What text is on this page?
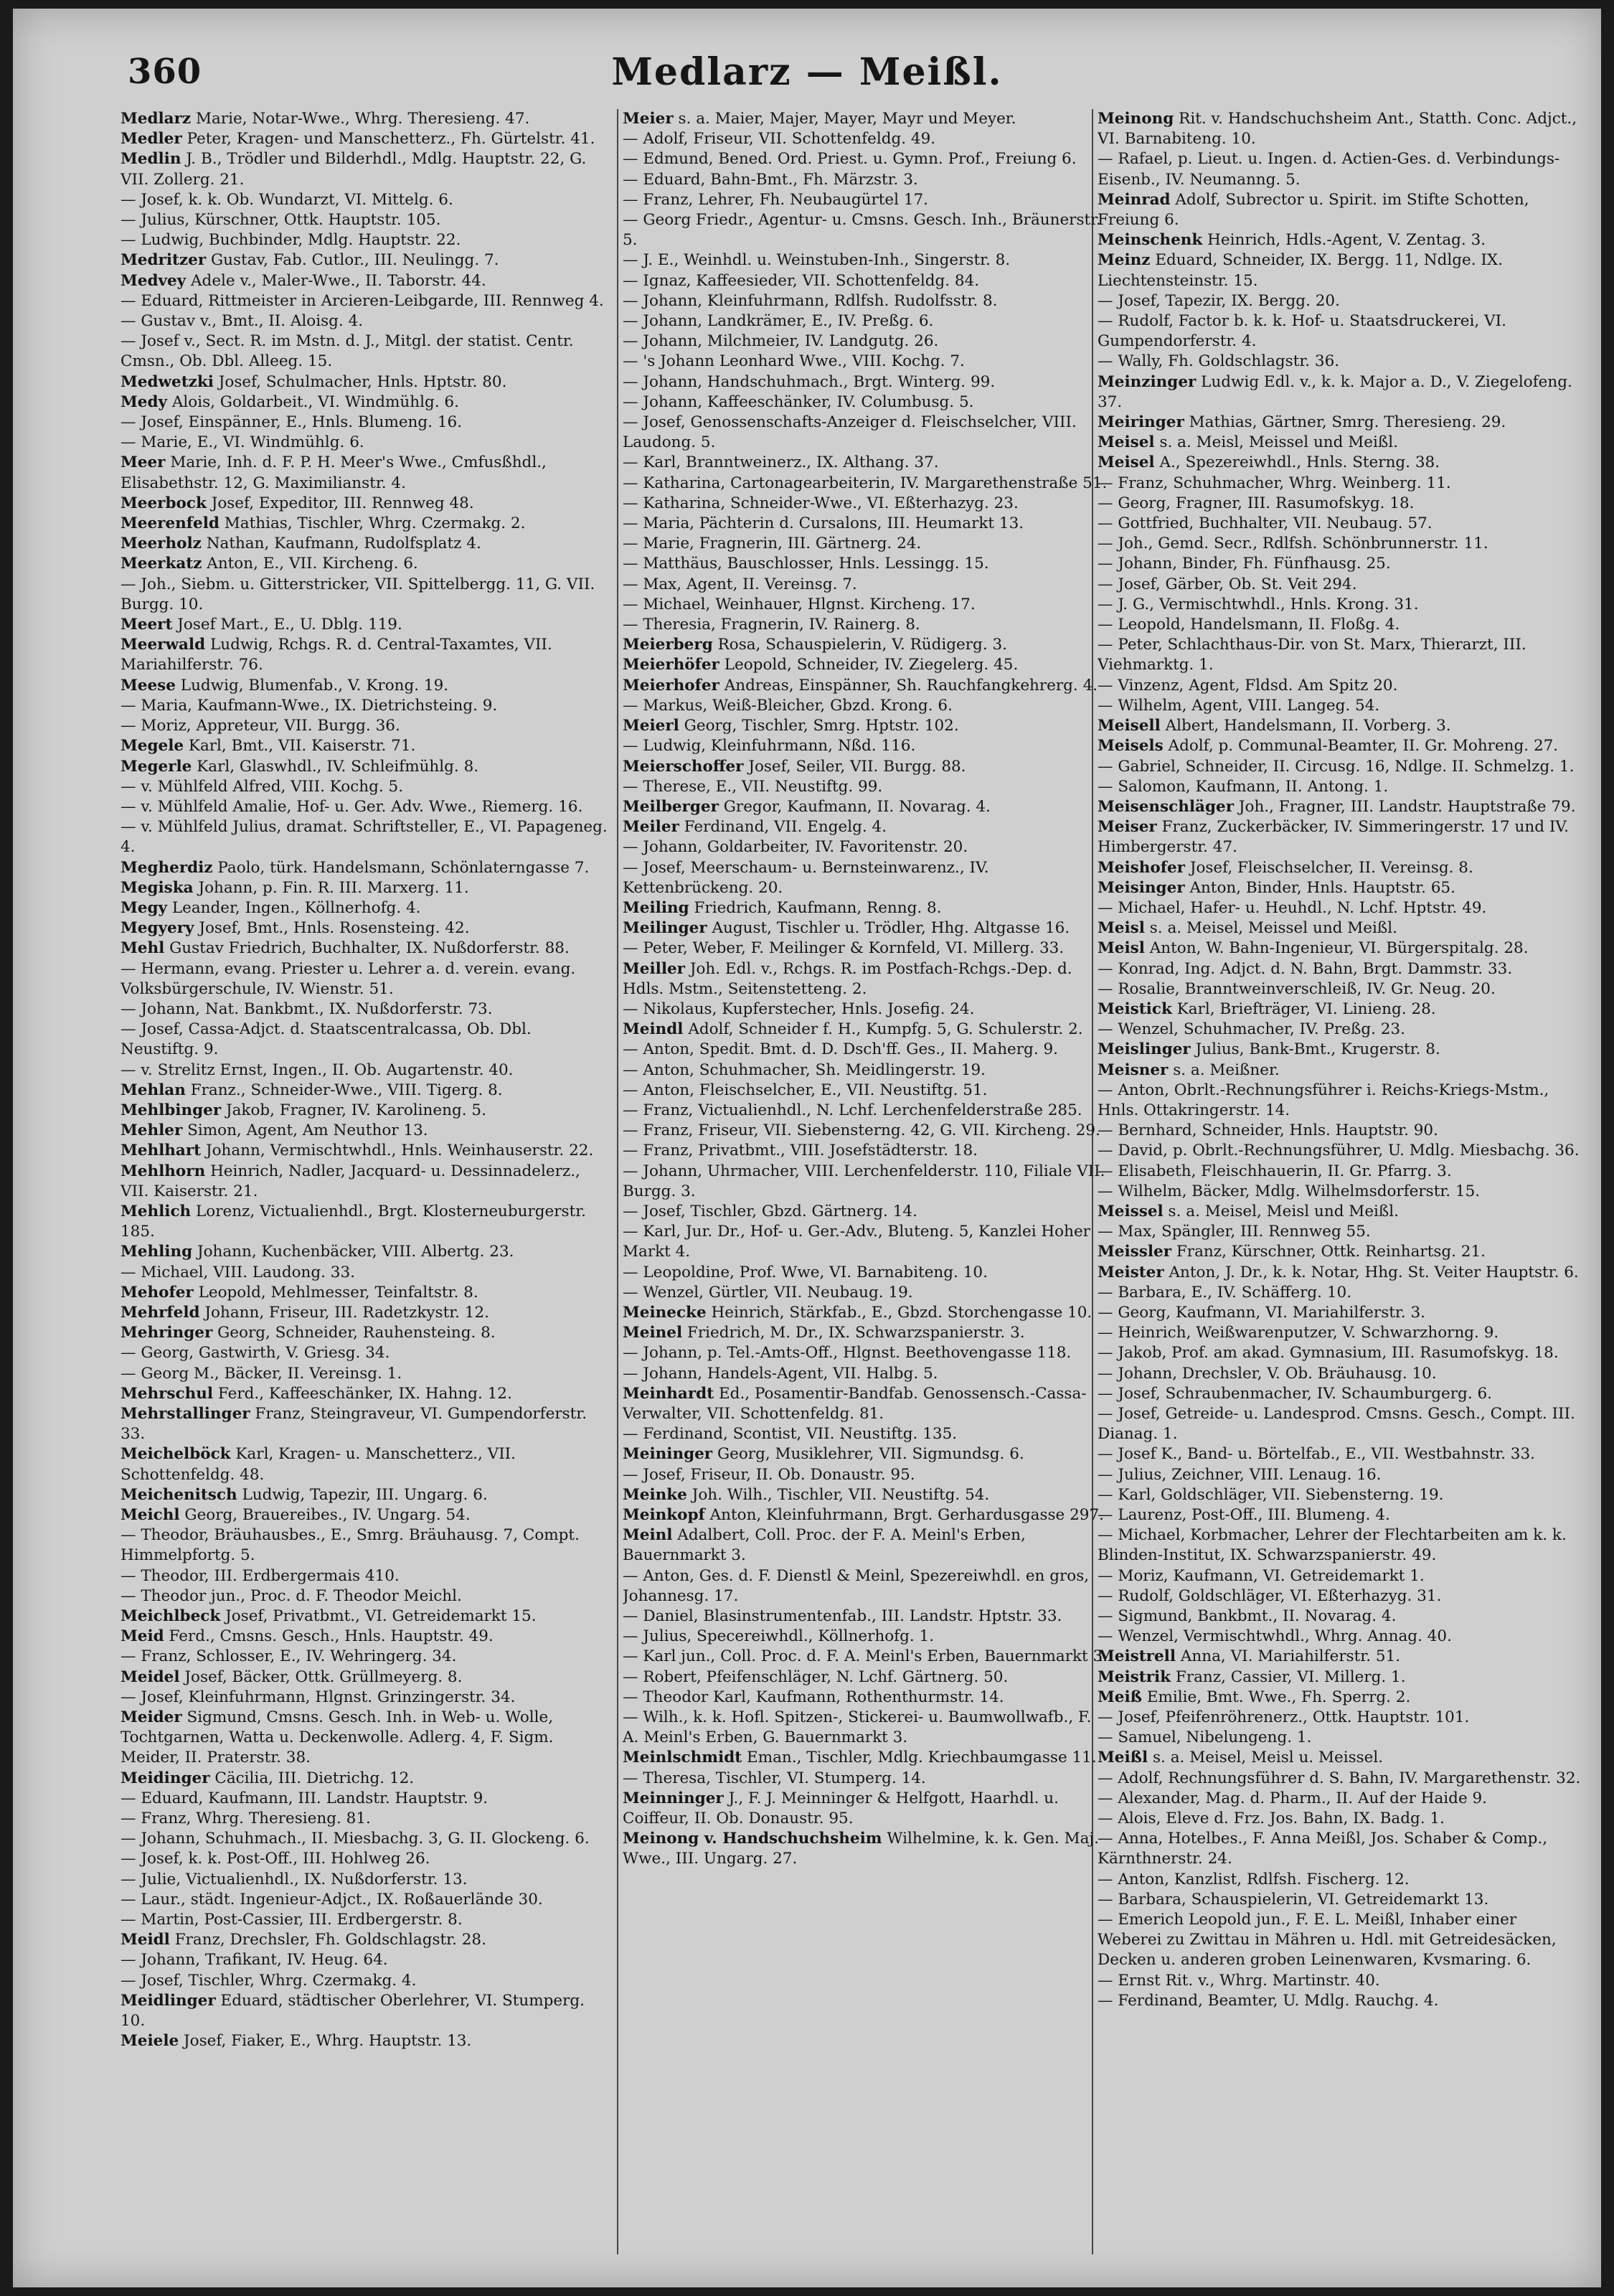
360	Medlarz — Meißl.
Medlarz Marie, Notar-Wwe., Whrg. Theresieng. 47.
Medler Peter, Kragen- und Manschetterz., Fh. Gürtelstr. 41.
Medlin J. B., Trödler und Bilderhdl., Mdlg. Hauptstr. 22, G. VII. Zollerg. 21.
— Josef, k. k. Ob. Wundarzt, VI. Mittelg. 6.
— Julius, Kürschner, Ottk. Hauptstr. 105.
— Ludwig, Buchbinder, Mdlg. Hauptstr. 22.
Medritzer Gustav, Fab. Cutlor., III. Neulingg. 7.
Medvey Adele v., Maler-Wwe., II. Taborstr. 44.
— Eduard, Rittmeister in Arcieren-Leibgarde, III. Rennweg 4.
— Gustav v., Bmt., II. Aloisg. 4.
— Josef v., Sect. R. im Mstn. d. J., Mitgl. der statist. Centr. Cmsn., Ob. Dbl. Alleeg. 15.
Medwetzki Josef, Schulmacher, Hnls. Hptstr. 80.
Medy Alois, Goldarbeit., VI. Windmühlg. 6.
— Josef, Einspänner, E., Hnls. Blumeng. 16.
— Marie, E., VI. Windmühlg. 6.
Meer Marie, Inh. d. F. P. H. Meer's Wwe., Cmfusßhdl., Elisabethstr. 12, G. Maximilianstr. 4.
Meerbock Josef, Expeditor, III. Rennweg 48.
Meerenfeld Mathias, Tischler, Whrg. Czermakg. 2.
Meerholz Nathan, Kaufmann, Rudolfsplatz 4.
Meerkatz Anton, E., VII. Kircheng. 6.
— Joh., Siebm. u. Gitterstricker, VII. Spittelbergg. 11, G. VII. Burgg. 10.
Meert Josef Mart., E., U. Dblg. 119.
Meerwald Ludwig, Rchgs. R. d. Central-Taxamtes, VII. Mariahilferstr. 76.
Meese Ludwig, Blumenfab., V. Krong. 19.
— Maria, Kaufmann-Wwe., IX. Dietrichsteing. 9.
— Moriz, Appreteur, VII. Burgg. 36.
Megele Karl, Bmt., VII. Kaiserstr. 71.
Megerle Karl, Glaswhdl., IV. Schleifmühlg. 8.
— v. Mühlfeld Alfred, VIII. Kochg. 5.
— v. Mühlfeld Amalie, Hof- u. Ger. Adv. Wwe., Riemerg. 16.
— v. Mühlfeld Julius, dramat. Schriftsteller, E., VI. Papageneg. 4.
Megherdiz Paolo, türk. Handelsmann, Schönlaterngasse 7.
Megiska Johann, p. Fin. R. III. Marxerg. 11.
Megy Leander, Ingen., Köllnerhofg. 4.
Megyery Josef, Bmt., Hnls. Rosensteing. 42.
Mehl Gustav Friedrich, Buchhalter, IX. Nußdorferstr. 88.
— Hermann, evang. Priester u. Lehrer a. d. verein. evang. Volksbürgerschule, IV. Wienstr. 51.
— Johann, Nat. Bankbmt., IX. Nußdorferstr. 73.
— Josef, Cassa-Adjct. d. Staatscentralcassa, Ob. Dbl. Neustiftg. 9.
— v. Strelitz Ernst, Ingen., II. Ob. Augartenstr. 40.
Mehlan Franz., Schneider-Wwe., VIII. Tigerg. 8.
Mehlbinger Jakob, Fragner, IV. Karolineng. 5.
Mehler Simon, Agent, Am Neuthor 13.
Mehlhart Johann, Vermischtwhdl., Hnls. Weinhauserstr. 22.
Mehlhorn Heinrich, Nadler, Jacquard- u. Dessinnadelerz., VII. Kaiserstr. 21.
Mehlich Lorenz, Victualienhdl., Brgt. Klosterneuburgerstr. 185.
Mehling Johann, Kuchenbäcker, VIII. Albertg. 23.
— Michael, VIII. Laudong. 33.
Mehofer Leopold, Mehlmesser, Teinfaltstr. 8.
Mehrfeld Johann, Friseur, III. Radetzkystr. 12.
Mehringer Georg, Schneider, Rauhensteing. 8.
— Georg, Gastwirth, V. Griesg. 34.
— Georg M., Bäcker, II. Vereinsg. 1.
Mehrschul Ferd., Kaffeeschänker, IX. Hahng. 12.
Mehrstallinger Franz, Steingraveur, VI. Gumpendorferstr. 33.
Meichelböck Karl, Kragen- u. Manschetterz., VII. Schottenfeldg. 48.
Meichenitsch Ludwig, Tapezir, III. Ungarg. 6.
Meichl Georg, Brauereibes., IV. Ungarg. 54.
— Theodor, Bräuhausbes., E., Smrg. Bräuhausg. 7, Compt. Himmelpfortg. 5.
— Theodor, III. Erdbergermais 410.
— Theodor jun., Proc. d. F. Theodor Meichl.
Meichlbeck Josef, Privatbmt., VI. Getreidemarkt 15.
Meid Ferd., Cmsns. Gesch., Hnls. Hauptstr. 49.
— Franz, Schlosser, E., IV. Wehringerg. 34.
Meidel Josef, Bäcker, Ottk. Grüllmeyerg. 8.
— Josef, Kleinfuhrmann, Hlgnst. Grinzingerstr. 34.
Meider Sigmund, Cmsns. Gesch. Inh. in Web- u. Wolle, Tochtgarnen, Watta u. Deckenwolle. Adlerg. 4, F. Sigm. Meider, II. Praterstr. 38.
Meidinger Cäcilia, III. Dietrichg. 12.
— Eduard, Kaufmann, III. Landstr. Hauptstr. 9.
— Franz, Whrg. Theresieng. 81.
— Johann, Schuhmach., II. Miesbachg. 3, G. II. Glockeng. 6.
— Josef, k. k. Post-Off., III. Hohlweg 26.
— Julie, Victualienhdl., IX. Nußdorferstr. 13.
— Laur., städt. Ingenieur-Adjct., IX. Roßauerlände 30.
— Martin, Post-Cassier, III. Erdbergerstr. 8.
Meidl Franz, Drechsler, Fh. Goldschlagstr. 28.
— Johann, Trafikant, IV. Heug. 64.
— Josef, Tischler, Whrg. Czermakg. 4.
Meidlinger Eduard, städtischer Oberlehrer, VI. Stumperg. 10.
Meiele Josef, Fiaker, E., Whrg. Hauptstr. 13.
Meier s. a. Maier, Majer, Mayer, Mayr und Meyer.
— Adolf, Friseur, VII. Schottenfeldg. 49.
— Edmund, Bened. Ord. Priest. u. Gymn. Prof., Freiung 6.
— Eduard, Bahn-Bmt., Fh. Märzstr. 3.
— Franz, Lehrer, Fh. Neubaugürtel 17.
— Georg Friedr., Agentur- u. Cmsns. Gesch. Inh., Bräunerstr. 5.
— J. E., Weinhdl. u. Weinstuben-Inh., Singerstr. 8.
— Ignaz, Kaffeesieder, VII. Schottenfeldg. 84.
— Johann, Kleinfuhrmann, Rdlfsh. Rudolfsstr. 8.
— Johann, Landkrämer, E., IV. Preßg. 6.
— Johann, Milchmeier, IV. Landgutg. 26.
— 's Johann Leonhard Wwe., VIII. Kochg. 7.
— Johann, Handschuhmach., Brgt. Winterg. 99.
— Johann, Kaffeeschänker, IV. Columbusg. 5.
— Josef, Genossenschafts-Anzeiger d. Fleischselcher, VIII. Laudong. 5.
— Karl, Branntweinerz., IX. Althang. 37.
— Katharina, Cartonagearbeiterin, IV. Margarethenstraße 51.
— Katharina, Schneider-Wwe., VI. Eßterhazyg. 23.
— Maria, Pächterin d. Cursalons, III. Heumarkt 13.
— Marie, Fragnerin, III. Gärtnerg. 24.
— Matthäus, Bauschlosser, Hnls. Lessingg. 15.
— Max, Agent, II. Vereinsg. 7.
— Michael, Weinhauer, Hlgnst. Kircheng. 17.
— Theresia, Fragnerin, IV. Rainerg. 8.
Meierberg Rosa, Schauspielerin, V. Rüdigerg. 3.
Meierhöfer Leopold, Schneider, IV. Ziegelerg. 45.
Meierhofer Andreas, Einspänner, Sh. Rauchfangkehrerg. 4.
— Markus, Weiß-Bleicher, Gbzd. Krong. 6.
Meierl Georg, Tischler, Smrg. Hptstr. 102.
— Ludwig, Kleinfuhrmann, Nßd. 116.
Meierschoffer Josef, Seiler, VII. Burgg. 88.
— Therese, E., VII. Neustiftg. 99.
Meilberger Gregor, Kaufmann, II. Novarag. 4.
Meiler Ferdinand, VII. Engelg. 4.
— Johann, Goldarbeiter, IV. Favoritenstr. 20.
— Josef, Meerschaum- u. Bernsteinwarenz., IV. Kettenbrückeng. 20.
Meiling Friedrich, Kaufmann, Renng. 8.
Meilinger August, Tischler u. Trödler, Hhg. Altgasse 16.
— Peter, Weber, F. Meilinger & Kornfeld, VI. Millerg. 33.
Meiller Joh. Edl. v., Rchgs. R. im Postfach-Rchgs.-Dep. d. Hdls. Mstm., Seitenstetteng. 2.
— Nikolaus, Kupferstecher, Hnls. Josefig. 24.
Meindl Adolf, Schneider f. H., Kumpfg. 5, G. Schulerstr. 2.
— Anton, Spedit. Bmt. d. D. Dsch'ff. Ges., II. Maherg. 9.
— Anton, Schuhmacher, Sh. Meidlingerstr. 19.
— Anton, Fleischselcher, E., VII. Neustiftg. 51.
— Franz, Victualienhdl., N. Lchf. Lerchenfelderstraße 285.
— Franz, Friseur, VII. Siebensterng. 42, G. VII. Kircheng. 29.
— Franz, Privatbmt., VIII. Josefstädterstr. 18.
— Johann, Uhrmacher, VIII. Lerchenfelderstr. 110, Filiale VII. Burgg. 3.
— Josef, Tischler, Gbzd. Gärtnerg. 14.
— Karl, Jur. Dr., Hof- u. Ger.-Adv., Bluteng. 5, Kanzlei Hoher Markt 4.
— Leopoldine, Prof. Wwe, VI. Barnabiteng. 10.
— Wenzel, Gürtler, VII. Neubaug. 19.
Meinecke Heinrich, Stärkfab., E., Gbzd. Storchengasse 10.
Meinel Friedrich, M. Dr., IX. Schwarzspanierstr. 3.
— Johann, p. Tel.-Amts-Off., Hlgnst. Beethovengasse 118.
— Johann, Handels-Agent, VII. Halbg. 5.
Meinhardt Ed., Posamentir-Bandfab. Genossensch.-Cassa-Verwalter, VII. Schottenfeldg. 81.
— Ferdinand, Scontist, VII. Neustiftg. 135.
Meininger Georg, Musiklehrer, VII. Sigmundsg. 6.
— Josef, Friseur, II. Ob. Donaustr. 95.
Meinke Joh. Wilh., Tischler, VII. Neustiftg. 54.
Meinkopf Anton, Kleinfuhrmann, Brgt. Gerhardusgasse 297.
Meinl Adalbert, Coll. Proc. der F. A. Meinl's Erben, Bauernmarkt 3.
— Anton, Ges. d. F. Dienstl & Meinl, Spezereiwhdl. en gros, Johannesg. 17.
— Daniel, Blasinstrumentenfab., III. Landstr. Hptstr. 33.
— Julius, Specereiwhdl., Köllnerhofg. 1.
— Karl jun., Coll. Proc. d. F. A. Meinl's Erben, Bauernmarkt 3.
— Robert, Pfeifenschläger, N. Lchf. Gärtnerg. 50.
— Theodor Karl, Kaufmann, Rothenthurmstr. 14.
— Wilh., k. k. Hofl. Spitzen-, Stickerei- u. Baumwollwafb., F. A. Meinl's Erben, G. Bauernmarkt 3.
Meinlschmidt Eman., Tischler, Mdlg. Kriechbaumgasse 11.
— Theresa, Tischler, VI. Stumperg. 14.
Meinninger J., F. J. Meinninger & Helfgott, Haarhdl. u. Coiffeur, II. Ob. Donaustr. 95.
Meinong v. Handschuchsheim Wilhelmine, k. k. Gen. Maj. Wwe., III. Ungarg. 27.
Meinong Rit. v. Handschuchsheim Ant., Statth. Conc. Adjct., VI. Barnabiteng. 10.
— Rafael, p. Lieut. u. Ingen. d. Actien-Ges. d. Verbindungs-Eisenb., IV. Neumanng. 5.
Meinrad Adolf, Subrector u. Spirit. im Stifte Schotten, Freiung 6.
Meinschenk Heinrich, Hdls.-Agent, V. Zentag. 3.
Meinz Eduard, Schneider, IX. Bergg. 11, Ndlge. IX. Liechtensteinstr. 15.
— Josef, Tapezir, IX. Bergg. 20.
— Rudolf, Factor b. k. k. Hof- u. Staatsdruckerei, VI. Gumpendorferstr. 4.
— Wally, Fh. Goldschlagstr. 36.
Meinzinger Ludwig Edl. v., k. k. Major a. D., V. Ziegelofeng. 37.
Meiringer Mathias, Gärtner, Smrg. Theresieng. 29.
Meisel s. a. Meisl, Meissel und Meißl.
Meisel A., Spezereiwhdl., Hnls. Sterng. 38.
— Franz, Schuhmacher, Whrg. Weinberg. 11.
— Georg, Fragner, III. Rasumofskyg. 18.
— Gottfried, Buchhalter, VII. Neubaug. 57.
— Joh., Gemd. Secr., Rdlfsh. Schönbrunnerstr. 11.
— Johann, Binder, Fh. Fünfhausg. 25.
— Josef, Gärber, Ob. St. Veit 294.
— J. G., Vermischtwhdl., Hnls. Krong. 31.
— Leopold, Handelsmann, II. Floßg. 4.
— Peter, Schlachthaus-Dir. von St. Marx, Thierarzt, III. Viehmarktg. 1.
— Vinzenz, Agent, Fldsd. Am Spitz 20.
— Wilhelm, Agent, VIII. Langeg. 54.
Meisell Albert, Handelsmann, II. Vorberg. 3.
Meisels Adolf, p. Communal-Beamter, II. Gr. Mohreng. 27.
— Gabriel, Schneider, II. Circusg. 16, Ndlge. II. Schmelzg. 1.
— Salomon, Kaufmann, II. Antong. 1.
Meisenschläger Joh., Fragner, III. Landstr. Hauptstraße 79.
Meiser Franz, Zuckerbäcker, IV. Simmeringerstr. 17 und IV. Himbergerstr. 47.
Meishofer Josef, Fleischselcher, II. Vereinsg. 8.
Meisinger Anton, Binder, Hnls. Hauptstr. 65.
— Michael, Hafer- u. Heuhdl., N. Lchf. Hptstr. 49.
Meisl s. a. Meisel, Meissel und Meißl.
Meisl Anton, W. Bahn-Ingenieur, VI. Bürgerspitalg. 28.
— Konrad, Ing. Adjct. d. N. Bahn, Brgt. Dammstr. 33.
— Rosalie, Branntweinverschleiß, IV. Gr. Neug. 20.
Meistick Karl, Briefträger, VI. Linieng. 28.
— Wenzel, Schuhmacher, IV. Preßg. 23.
Meislinger Julius, Bank-Bmt., Krugerstr. 8.
Meisner s. a. Meißner.
— Anton, Obrlt.-Rechnungsführer i. Reichs-Kriegs-Mstm., Hnls. Ottakringerstr. 14.
— Bernhard, Schneider, Hnls. Hauptstr. 90.
— David, p. Obrlt.-Rechnungsführer, U. Mdlg. Miesbachg. 36.
— Elisabeth, Fleischhauerin, II. Gr. Pfarrg. 3.
— Wilhelm, Bäcker, Mdlg. Wilhelmsdorferstr. 15.
Meissel s. a. Meisel, Meisl und Meißl.
— Max, Spängler, III. Rennweg 55.
Meissler Franz, Kürschner, Ottk. Reinhartsg. 21.
Meister Anton, J. Dr., k. k. Notar, Hhg. St. Veiter Hauptstr. 6.
— Barbara, E., IV. Schäfferg. 10.
— Georg, Kaufmann, VI. Mariahilferstr. 3.
— Heinrich, Weißwarenputzer, V. Schwarzhorng. 9.
— Jakob, Prof. am akad. Gymnasium, III. Rasumofskyg. 18.
— Johann, Drechsler, V. Ob. Bräuhausg. 10.
— Josef, Schraubenmacher, IV. Schaumburgerg. 6.
— Josef, Getreide- u. Landesprod. Cmsns. Gesch., Compt. III. Dianag. 1.
— Josef K., Band- u. Börtelfab., E., VII. Westbahnstr. 33.
— Julius, Zeichner, VIII. Lenaug. 16.
— Karl, Goldschläger, VII. Siebensterng. 19.
— Laurenz, Post-Off., III. Blumeng. 4.
— Michael, Korbmacher, Lehrer der Flechtarbeiten am k. k. Blinden-Institut, IX. Schwarzspanierstr. 49.
— Moriz, Kaufmann, VI. Getreidemarkt 1.
— Rudolf, Goldschläger, VI. Eßterhazyg. 31.
— Sigmund, Bankbmt., II. Novarag. 4.
— Wenzel, Vermischtwhdl., Whrg. Annag. 40.
Meistrell Anna, VI. Mariahilferstr. 51.
Meistrik Franz, Cassier, VI. Millerg. 1.
Meiß Emilie, Bmt. Wwe., Fh. Sperrg. 2.
— Josef, Pfeifenröhrenerz., Ottk. Hauptstr. 101.
— Samuel, Nibelungeng. 1.
Meißl s. a. Meisel, Meisl u. Meissel.
— Adolf, Rechnungsführer d. S. Bahn, IV. Margarethenstr. 32.
— Alexander, Mag. d. Pharm., II. Auf der Haide 9.
— Alois, Eleve d. Frz. Jos. Bahn, IX. Badg. 1.
— Anna, Hotelbes., F. Anna Meißl, Jos. Schaber & Comp., Kärnthnerstr. 24.
— Anton, Kanzlist, Rdlfsh. Fischerg. 12.
— Barbara, Schauspielerin, VI. Getreidemarkt 13.
— Emerich Leopold jun., F. E. L. Meißl, Inhaber einer Weberei zu Zwittau in Mähren u. Hdl. mit Getreidesäcken, Decken u. anderen groben Leinenwaren, Kvsmaring. 6.
— Ernst Rit. v., Whrg. Martinstr. 40.
— Ferdinand, Beamter, U. Mdlg. Rauchg. 4.
